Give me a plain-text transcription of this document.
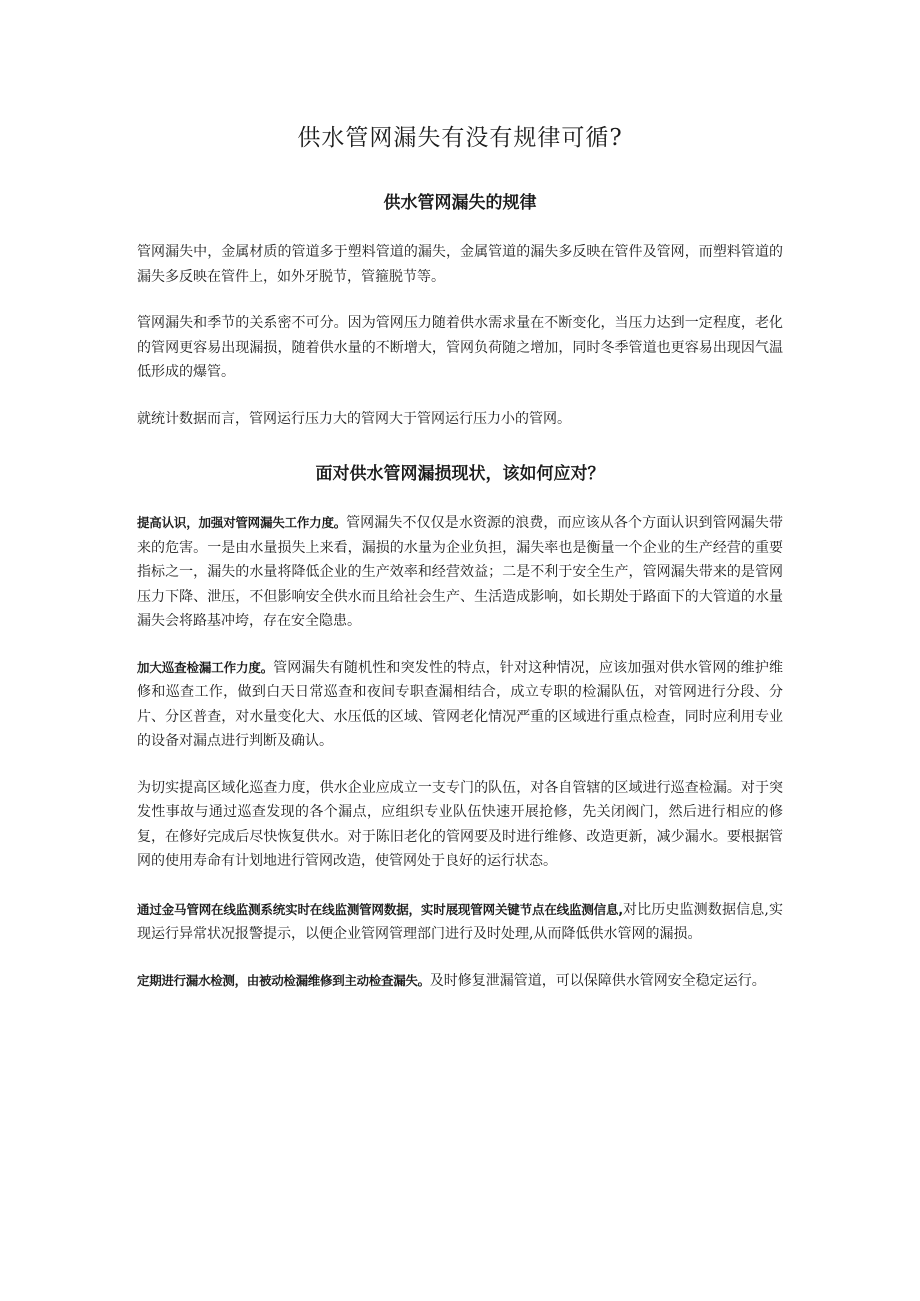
供水管网漏失有没有规律可循?
供水管网漏失的规律

管网漏失中，金属材质的管道多于塑料管道的漏失，金属管道的漏失多反映在管件及管网，而塑料管道的漏失多反映在管件上，如外牙脱节，管箍脱节等。

管网漏失和季节的关系密不可分。因为管网压力随着供水需求量在不断变化，当压力达到一定程度，老化的管网更容易出现漏损，随着供水量的不断增大，管网负荷随之增加，同时冬季管道也更容易出现因气温低形成的爆管。

就统计数据而言，管网运行压力大的管网大于管网运行压力小的管网。

面对供水管网漏损现状，该如何应对？

提高认识，加强对管网漏失工作力度。管网漏失不仅仅是水资源的浪费，而应该从各个方面认识到管网漏失带来的危害。一是由水量损失上来看，漏损的水量为企业负担，漏失率也是衡量一个企业的生产经营的重要指标之一，漏失的水量将降低企业的生产效率和经营效益；二是不利于安全生产，管网漏失带来的是管网压力下降、泄压，不但影响安全供水而且给社会生产、生活造成影响，如长期处于路面下的大管道的水量漏失会将路基冲垮，存在安全隐患。

加大巡查检漏工作力度。管网漏失有随机性和突发性的特点，针对这种情况，应该加强对供水管网的维护维修和巡查工作，做到白天日常巡查和夜间专职查漏相结合，成立专职的检漏队伍，对管网进行分段、分片、分区普查，对水量变化大、水压低的区域、管网老化情况严重的区域进行重点检查，同时应利用专业的设备对漏点进行判断及确认。

为切实提高区域化巡查力度，供水企业应成立一支专门的队伍，对各自管辖的区域进行巡查检漏。对于突发性事故与通过巡查发现的各个漏点，应组织专业队伍快速开展抢修，先关闭阀门，然后进行相应的修复，在修好完成后尽快恢复供水。对于陈旧老化的管网要及时进行维修、改造更新，减少漏水。要根据管网的使用寿命有计划地进行管网改造，使管网处于良好的运行状态。

通过金马管网在线监测系统实时在线监测管网数据，实时展现管网关键节点在线监测信息,对比历史监测数据信息,实现运行异常状况报警提示，以便企业管网管理部门进行及时处理,从而降低供水管网的漏损。

定期进行漏水检测，由被动检漏维修到主动检查漏失。及时修复泄漏管道，可以保障供水管网安全稳定运行。
